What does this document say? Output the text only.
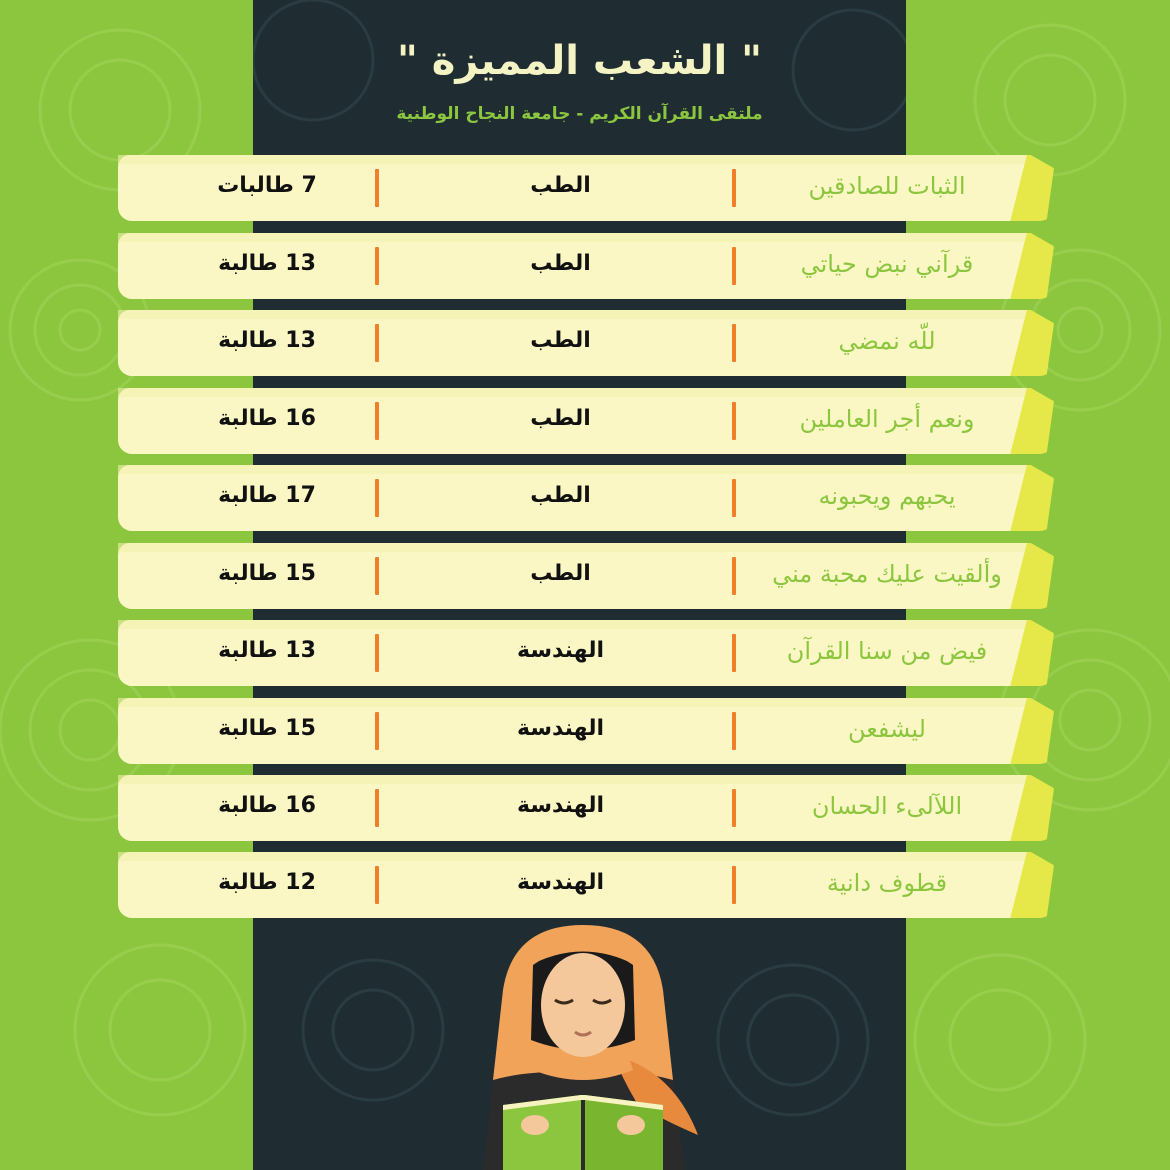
" الشعب المميزة "
ملتقى القرآن الكريم - جامعة النجاح الوطنية
7 طالبات	الطب	الثبات للصادقين
13 طالبة	الطب	قرآني نبض حياتي
13 طالبة	الطب	للّه نمضي
16 طالبة	الطب	ونعم أجر العاملين
17 طالبة	الطب	يحبهم ويحبونه
15 طالبة	الطب	وألقيت عليك محبة مني
13 طالبة	الهندسة	فيض من سنا القرآن
15 طالبة	الهندسة	ليشفعن
16 طالبة	الهندسة	اللآلىء الحسان
12 طالبة	الهندسة	قطوف دانية
